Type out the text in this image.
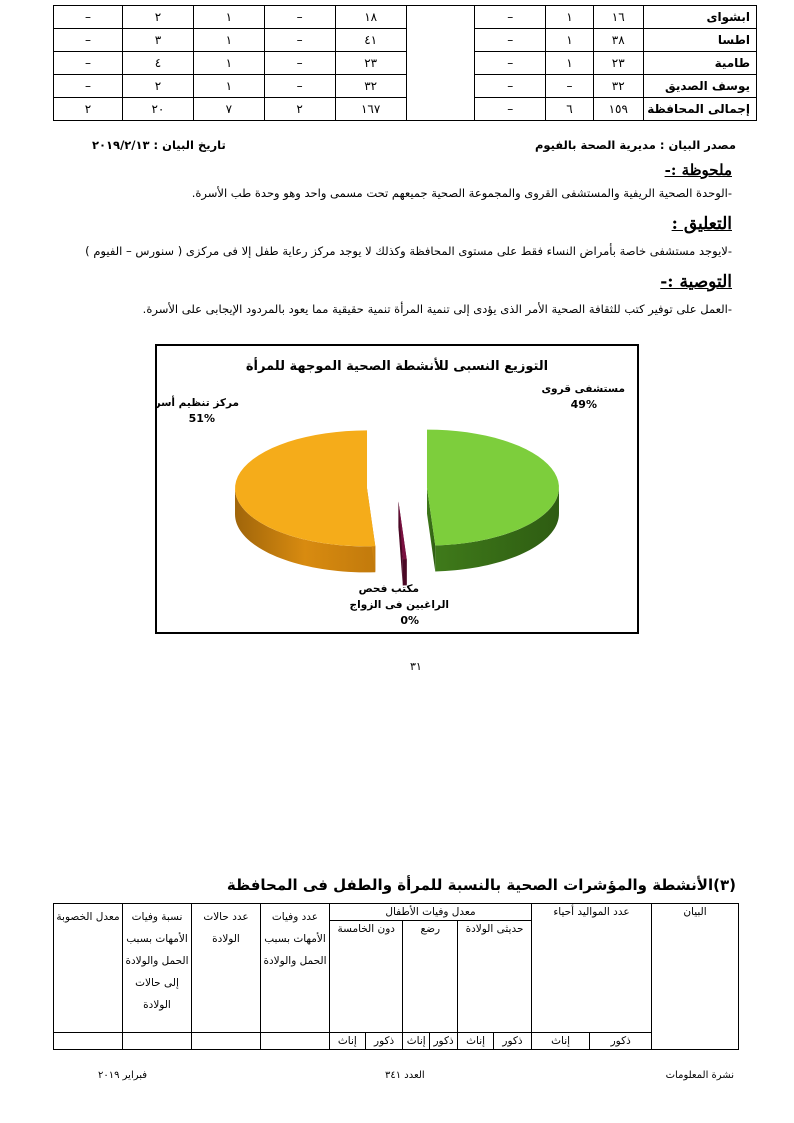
ابشواى	١٦	١	–		١٨	–	١	٢	–
اطسا	٣٨	١	–		٤١	–	١	٣	–
طامية	٢٣	١	–		٢٣	–	١	٤	–
يوسف الصديق	٣٢	–	–		٣٢	–	١	٢	–
إجمالى المحافظة	١٥٩	٦	–		١٦٧	٢	٧	٢٠	٢
مصدر البيان : مديرية الصحة بالفيوم
تاريخ البيان : ٢٠١٩/٢/١٣
ملحوظة :-
-الوحدة الصحية الريفية والمستشفى القروى والمجموعة الصحية جميعهم تحت مسمى واحد وهو وحدة طب الأسرة.
التعليق :
-لايوجد مستشفى خاصة بأمراض النساء فقط على مستوى المحافظة وكذلك لا يوجد مركز رعاية طفل إلا فى مركزى ( سنورس – الفيوم )
التوصية :-
-العمل على توفير كتب للثقافة الصحية الأمر الذى يؤدى إلى تنمية المرأة تنمية حقيقية مما يعود بالمردود الإيجابى على الأسرة.
التوزيع النسبى للأنشطة الصحية الموجهة للمرأة
مستشفى قروى
49%
مركز تنظيم أسرة
51%
مكتب فحص
الراغبين فى الزواج
0%
٣١
(٣)الأنشطة والمؤشرات الصحية بالنسبة للمرأة والطفل فى المحافظة
البيان	عدد المواليد أحياء		معدل وفيات الأطفال						عدد وفيات الأمهات بسبب الحمل والولادة	عدد حالات الولادة	نسبة وفيات الأمهات بسبب الحمل والولادة إلى حالات الولادة	معدل الخصوبة
			حديثى الولادة		رضع		دون الخامسة					
	ذكور	إناث	ذكور	إناث	ذكور	إناث	ذكور	إناث				
فبراير ٢٠١٩	العدد ٣٤١	نشرة المعلومات
